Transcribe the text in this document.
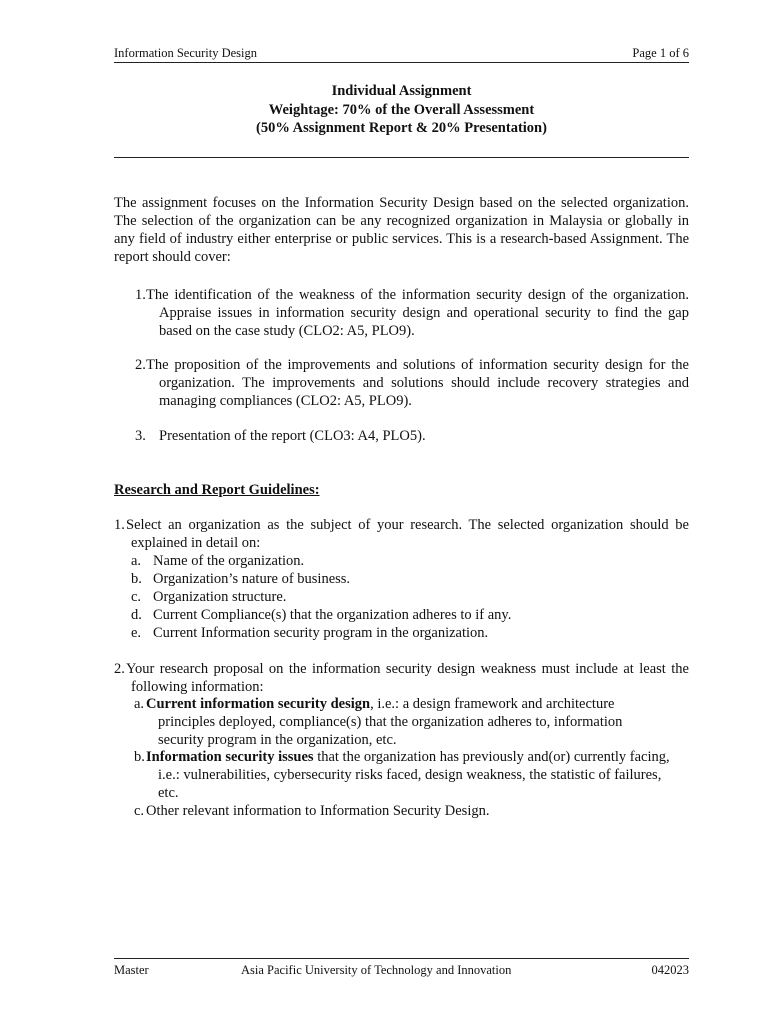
Information Security Design	Page 1 of 6
Individual Assignment
Weightage: 70% of the Overall Assessment
(50% Assignment Report & 20% Presentation)
The assignment focuses on the Information Security Design based on the selected organization. The selection of the organization can be any recognized organization in Malaysia or globally in any field of industry either enterprise or public services. This is a research-based Assignment. The report should cover:
1. The identification of the weakness of the information security design of the organization. Appraise issues in information security design and operational security to find the gap based on the case study (CLO2: A5, PLO9).
2. The proposition of the improvements and solutions of information security design for the organization. The improvements and solutions should include recovery strategies and managing compliances (CLO2: A5, PLO9).
3. Presentation of the report (CLO3: A4, PLO5).
Research and Report Guidelines:
1. Select an organization as the subject of your research. The selected organization should be explained in detail on:
a. Name of the organization.
b. Organization’s nature of business.
c. Organization structure.
d. Current Compliance(s) that the organization adheres to if any.
e. Current Information security program in the organization.
2. Your research proposal on the information security design weakness must include at least the following information:
a. Current information security design, i.e.: a design framework and architecture principles deployed, compliance(s) that the organization adheres to, information security program in the organization, etc.
b. Information security issues that the organization has previously and(or) currently facing, i.e.: vulnerabilities, cybersecurity risks faced, design weakness, the statistic of failures, etc.
c. Other relevant information to Information Security Design.
Master	Asia Pacific University of Technology and Innovation	042023
